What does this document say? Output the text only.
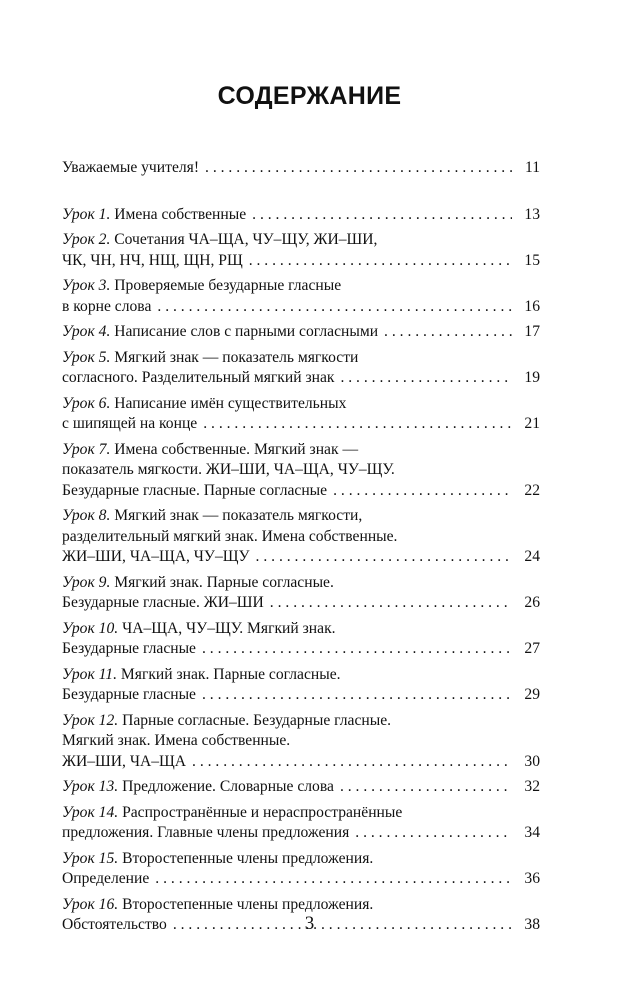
СОДЕРЖАНИЕ
Уважаемые учителя! . . .	11
Урок 1. Имена собственные . . .	13
Урок 2. Сочетания ЧА–ЩА, ЧУ–ЩУ, ЖИ–ШИ,
ЧК, ЧН, НЧ, НЩ, ЩН, РЩ . . .	15
Урок 3. Проверяемые безударные гласные
в корне слова . . .	16
Урок 4. Написание слов с парными согласными . . .	17
Урок 5. Мягкий знак — показатель мягкости
согласного. Разделительный мягкий знак . . .	19
Урок 6. Написание имён существительных
с шипящей на конце . . .	21
Урок 7. Имена собственные. Мягкий знак —
показатель мягкости. ЖИ–ШИ, ЧА–ЩА, ЧУ–ЩУ.
Безударные гласные. Парные согласные . . .	22
Урок 8. Мягкий знак — показатель мягкости,
разделительный мягкий знак. Имена собственные.
ЖИ–ШИ, ЧА–ЩА, ЧУ–ЩУ . . .	24
Урок 9. Мягкий знак. Парные согласные.
Безударные гласные. ЖИ–ШИ . . .	26
Урок 10. ЧА–ЩА, ЧУ–ЩУ. Мягкий знак.
Безударные гласные . . .	27
Урок 11. Мягкий знак. Парные согласные.
Безударные гласные . . .	29
Урок 12. Парные согласные. Безударные гласные.
Мягкий знак. Имена собственные.
ЖИ–ШИ, ЧА–ЩА . . .	30
Урок 13. Предложение. Словарные слова . . .	32
Урок 14. Распространённые и нераспространённые
предложения. Главные члены предложения . . .	34
Урок 15. Второстепенные члены предложения.
Определение . . .	36
Урок 16. Второстепенные члены предложения.
Обстоятельство . . .	38
3
